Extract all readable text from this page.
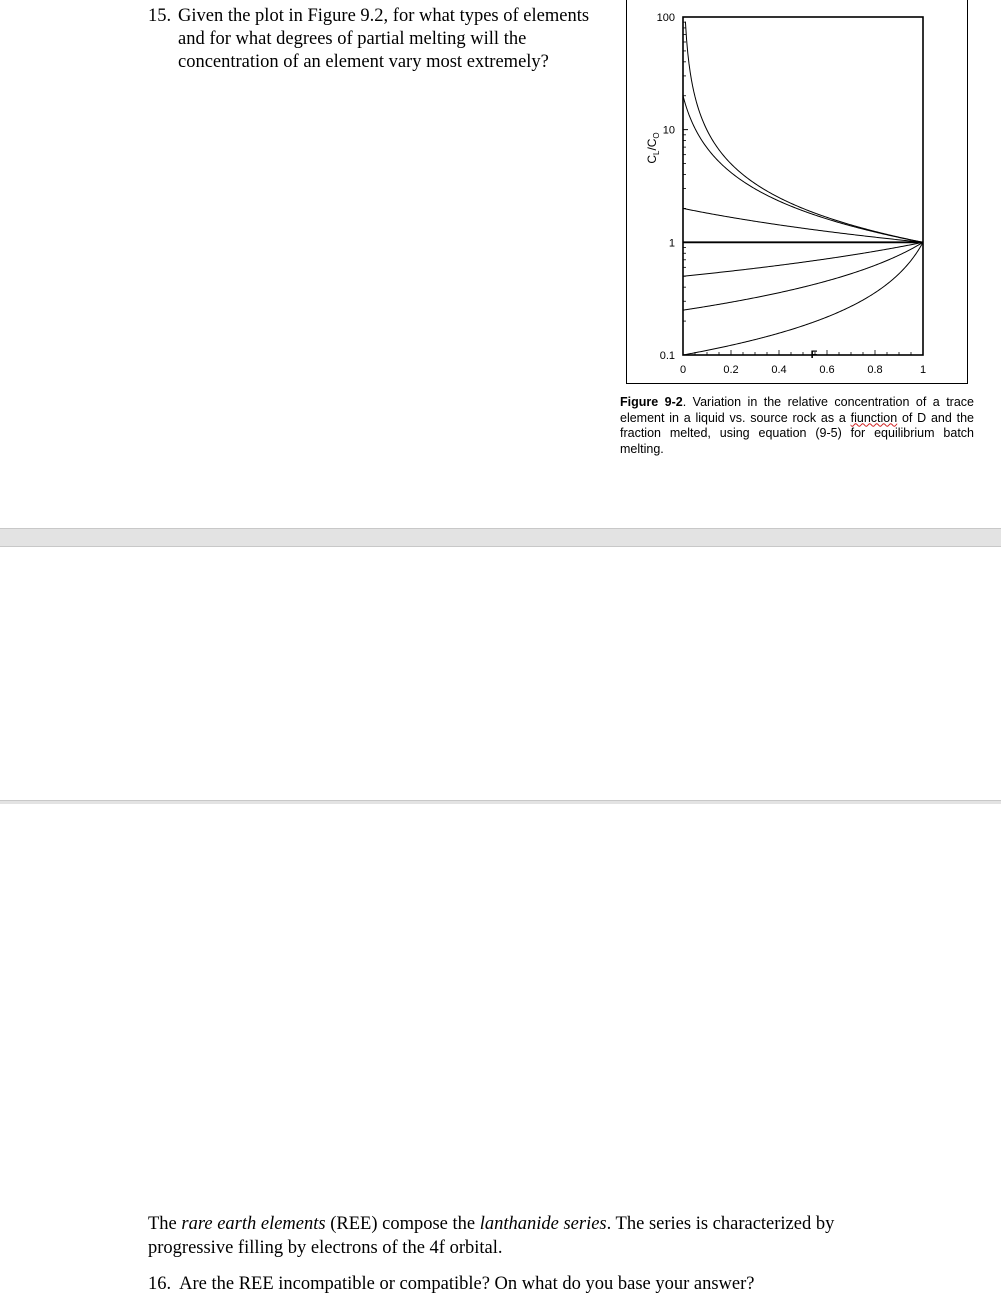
15. Given the plot in Figure 9.2, for what types of elements and for what degrees of partial melting will the concentration of an element vary most extremely?
0.1
1
10
100
0	0.2	0.4	0.6	0.8	1
F
$C_L/C_O$
Figure 9-2. Variation in the relative concentration of a trace element in a liquid vs. source rock as a fiunction of D and the fraction melted, using equation (9-5) for equilibrium batch melting.
The rare earth elements (REE) compose the lanthanide series. The series is characterized by progressive filling by electrons of the 4f orbital.
16. Are the REE incompatible or compatible? On what do you base your answer?
